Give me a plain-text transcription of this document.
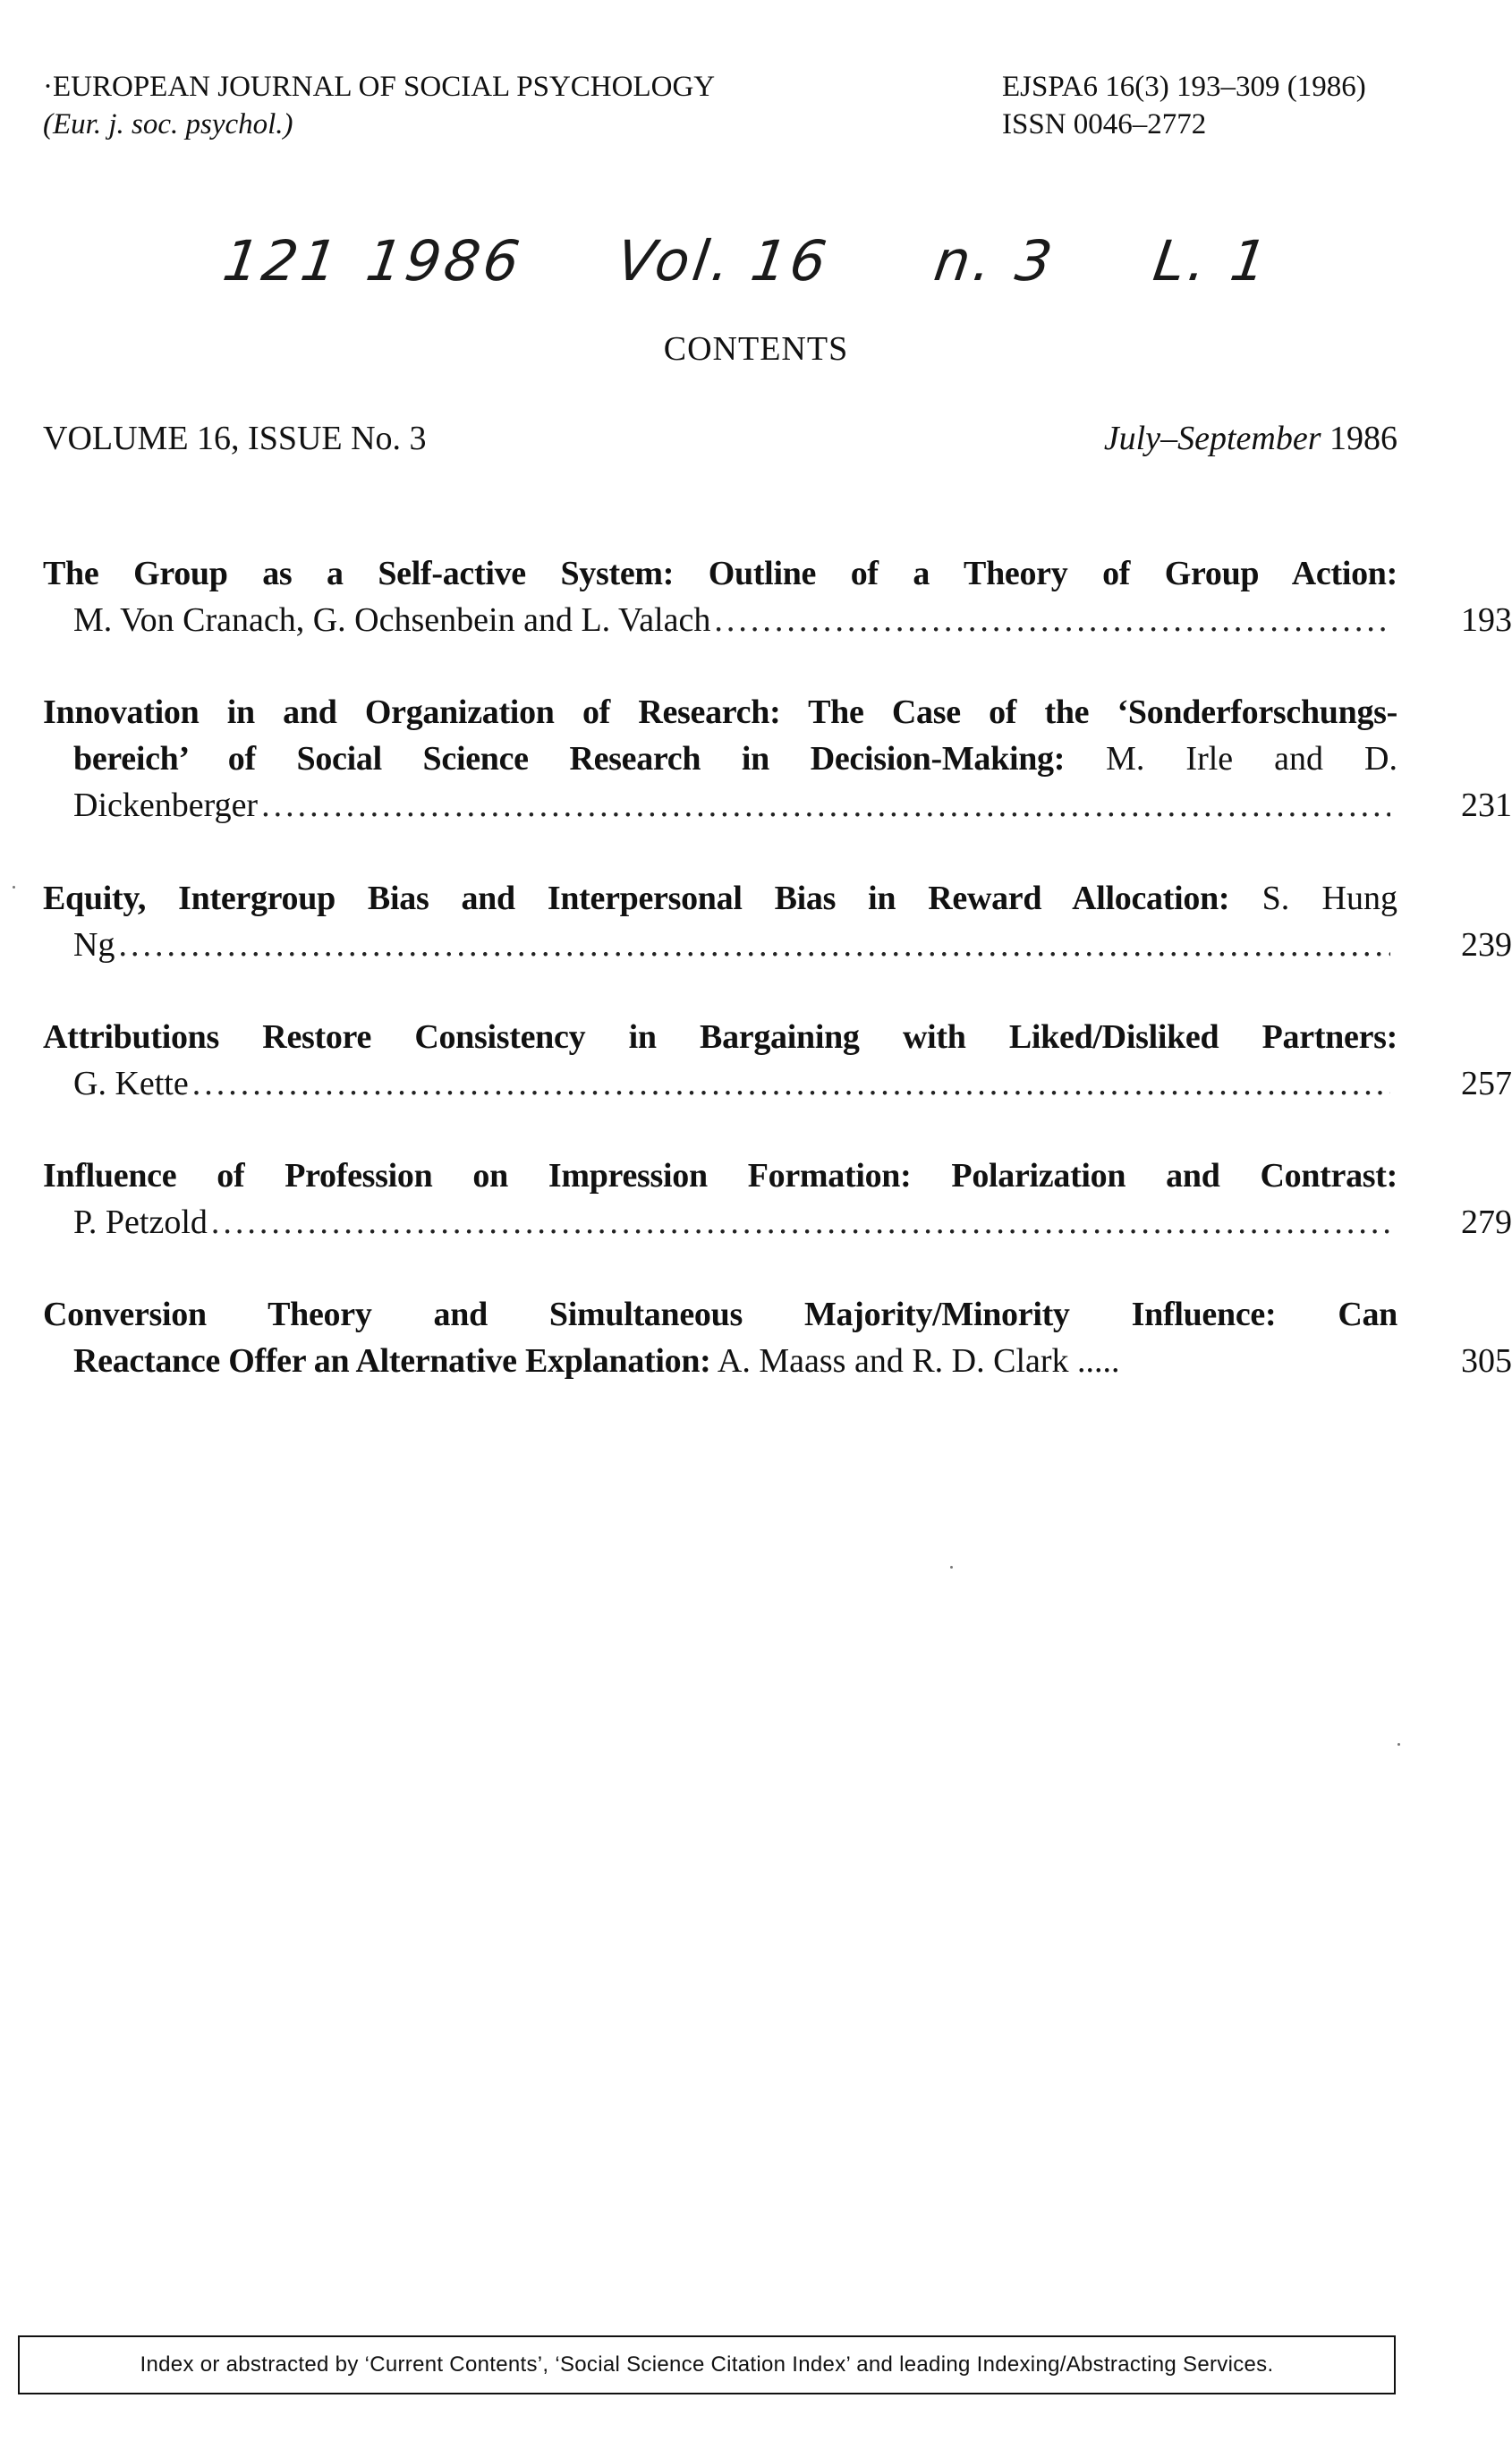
·EUROPEAN JOURNAL OF SOCIAL PSYCHOLOGY
(Eur. j. soc. psychol.)
EJSPA6 16(3) 193–309 (1986)
ISSN 0046–2772
121 1986 Vol. 16 n. 3 L. 1
CONTENTS
VOLUME 16, ISSUE No. 3	July–September 1986
The Group as a Self-active System: Outline of a Theory of Group Action:
M. Von Cranach, G. Ochsenbein and L. Valach .....	193
Innovation in and Organization of Research: The Case of the ‘Sonderforschungs-
bereich’ of Social Science Research in Decision-Making: M. Irle and D.
Dickenberger .....	231
Equity, Intergroup Bias and Interpersonal Bias in Reward Allocation: S. Hung
Ng .....	239
Attributions Restore Consistency in Bargaining with Liked/Disliked Partners:
G. Kette .....	257
Influence of Profession on Impression Formation: Polarization and Contrast:
P. Petzold .....	279
Conversion Theory and Simultaneous Majority/Minority Influence: Can
Reactance Offer an Alternative Explanation: A. Maass and R. D. Clark .....	305
Index or abstracted by ‘Current Contents’, ‘Social Science Citation Index’ and leading Indexing/Abstracting Services.
